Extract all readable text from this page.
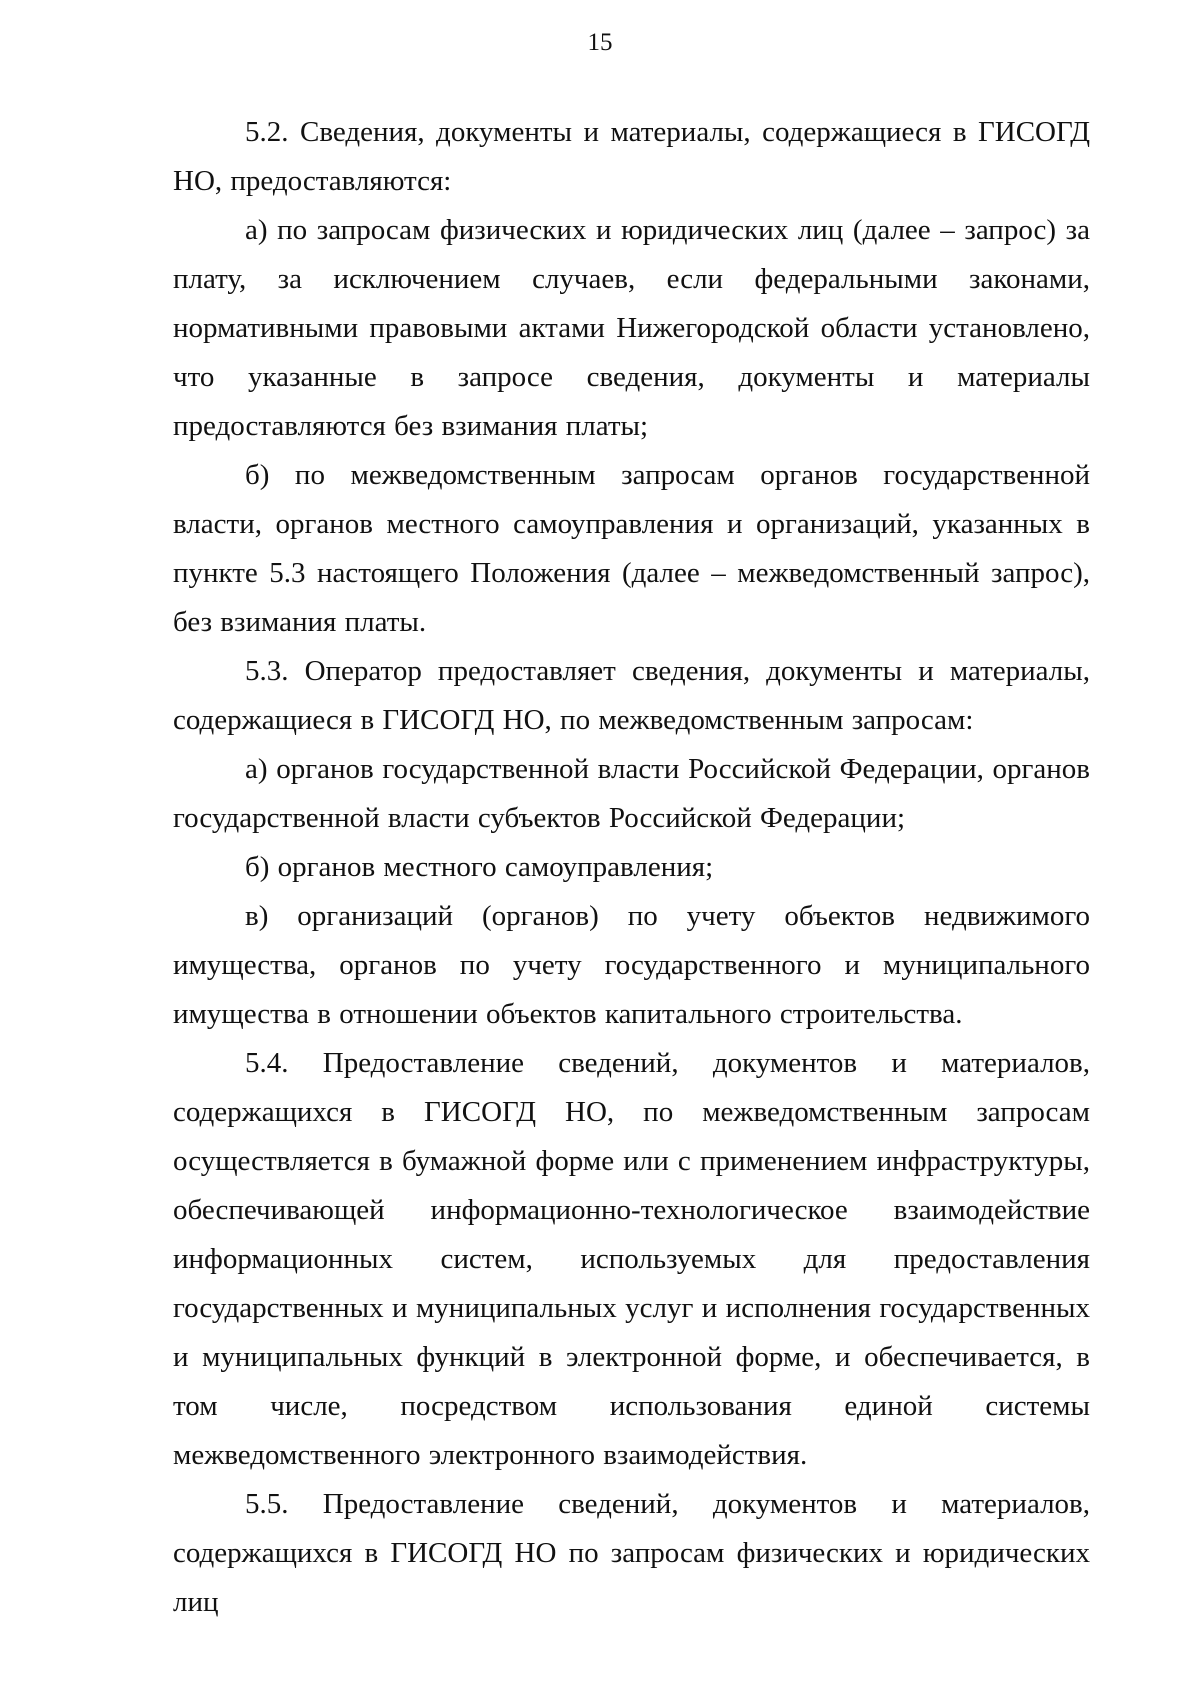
15

5.2. Сведения, документы и материалы, содержащиеся в ГИСОГД НО, предоставляются:

а) по запросам физических и юридических лиц (далее – запрос) за плату, за исключением случаев, если федеральными законами, нормативными правовыми актами Нижегородской области установлено, что указанные в запросе сведения, документы и материалы предоставляются без взимания платы;

б) по межведомственным запросам органов государственной власти, органов местного самоуправления и организаций, указанных в пункте 5.3 настоящего Положения (далее – межведомственный запрос), без взимания платы.

5.3. Оператор предоставляет сведения, документы и материалы, содержащиеся в ГИСОГД НО, по межведомственным запросам:

а) органов государственной власти Российской Федерации, органов государственной власти субъектов Российской Федерации;

б) органов местного самоуправления;

в) организаций (органов) по учету объектов недвижимого имущества, органов по учету государственного и муниципального имущества в отношении объектов капитального строительства.

5.4. Предоставление сведений, документов и материалов, содержащихся в ГИСОГД НО, по межведомственным запросам осуществляется в бумажной форме или с применением инфраструктуры, обеспечивающей информационно-технологическое взаимодействие информационных систем, используемых для предоставления государственных и муниципальных услуг и исполнения государственных и муниципальных функций в электронной форме, и обеспечивается, в том числе, посредством использования единой системы межведомственного электронного взаимодействия.

5.5. Предоставление сведений, документов и материалов, содержащихся в ГИСОГД НО по запросам физических и юридических лиц
